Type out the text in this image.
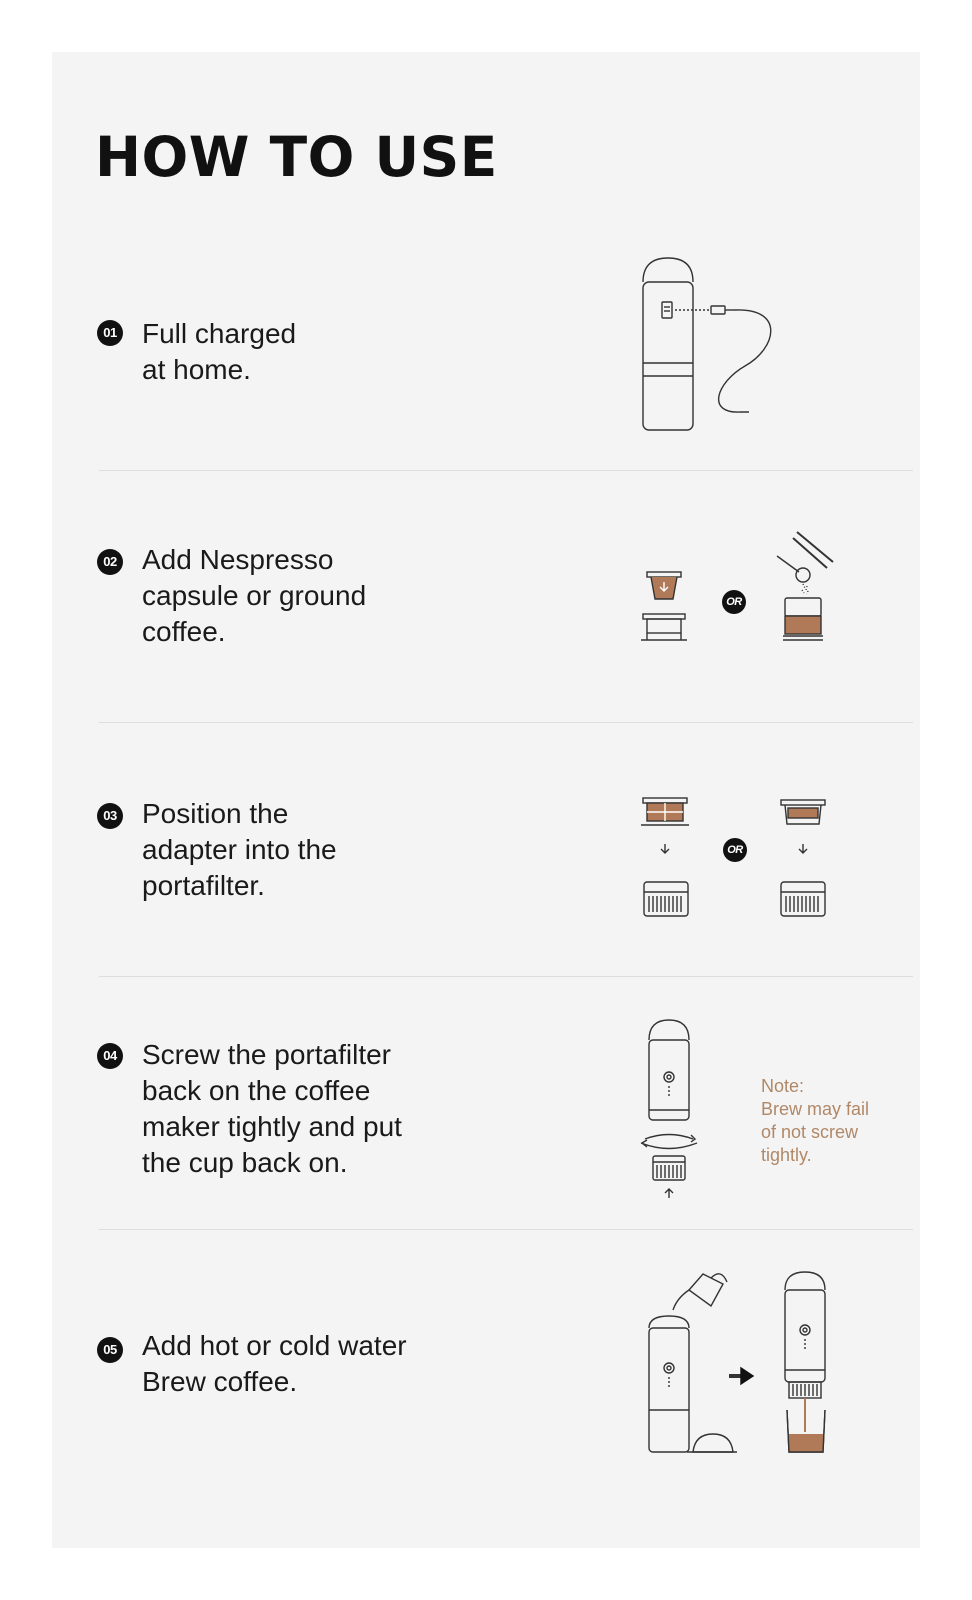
HOW TO USE
01 Full charged
at home.

02 Add Nespresso
capsule or ground
coffee.

OR
03 Position the
adapter into the
portafilter.

OR
04 Screw the portafilter
back on the coffee
maker tightly and put
the cup back on.

Note:
Brew may fail
of not screw
tightly.
05 Add hot or cold water
Brew coffee.
